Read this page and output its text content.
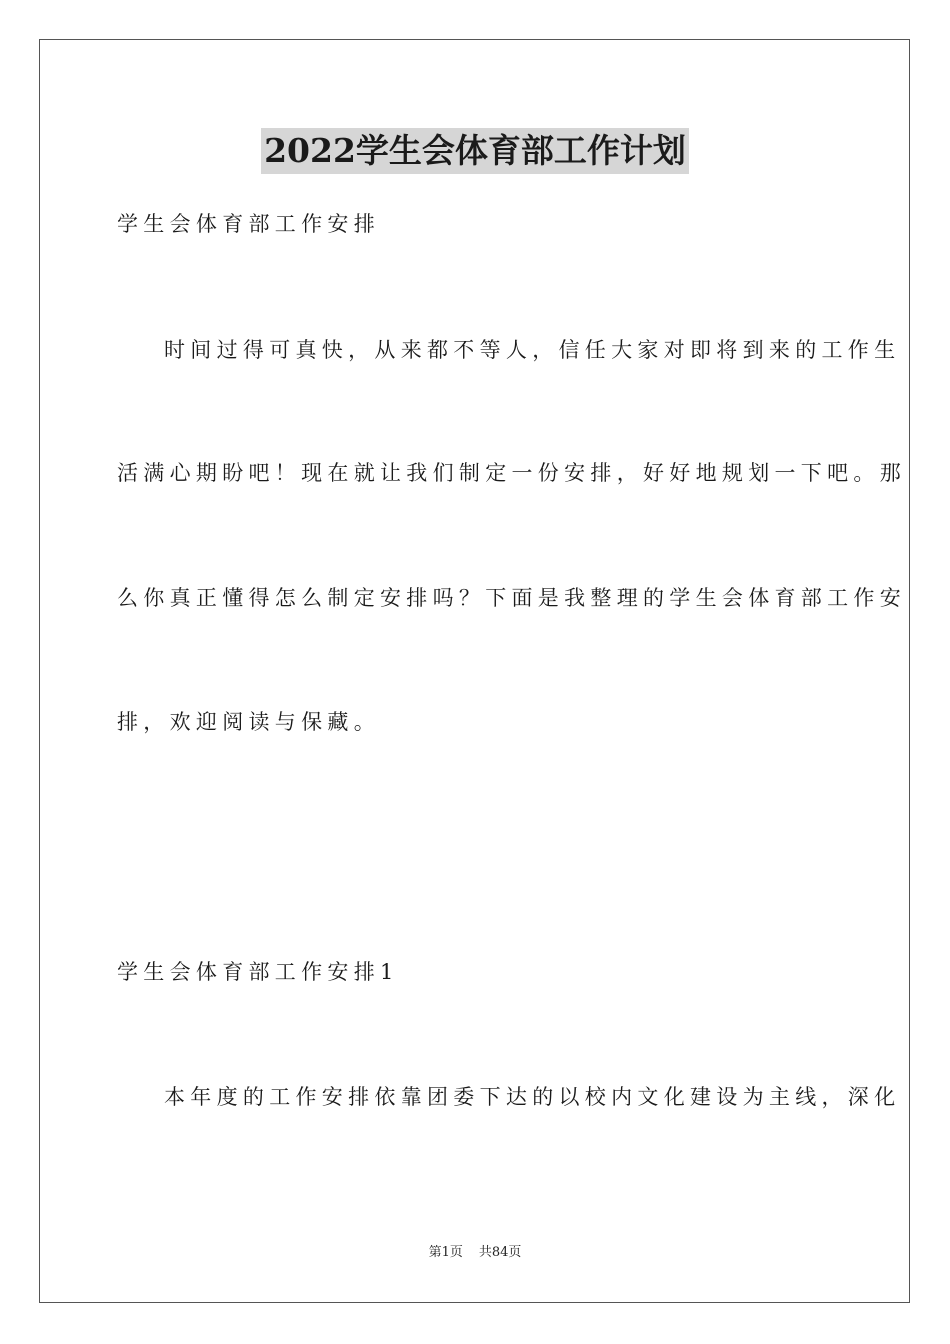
2022学生会体育部工作计划

学生会体育部工作安排

时间过得可真快，从来都不等人，信任大家对即将到来的工作生

活满心期盼吧！现在就让我们制定一份安排，好好地规划一下吧。那

么你真正懂得怎么制定安排吗？下面是我整理的学生会体育部工作安

排，欢迎阅读与保藏。

学生会体育部工作安排1

本年度的工作安排依靠团委下达的以校内文化建设为主线，深化

第1页 共84页
